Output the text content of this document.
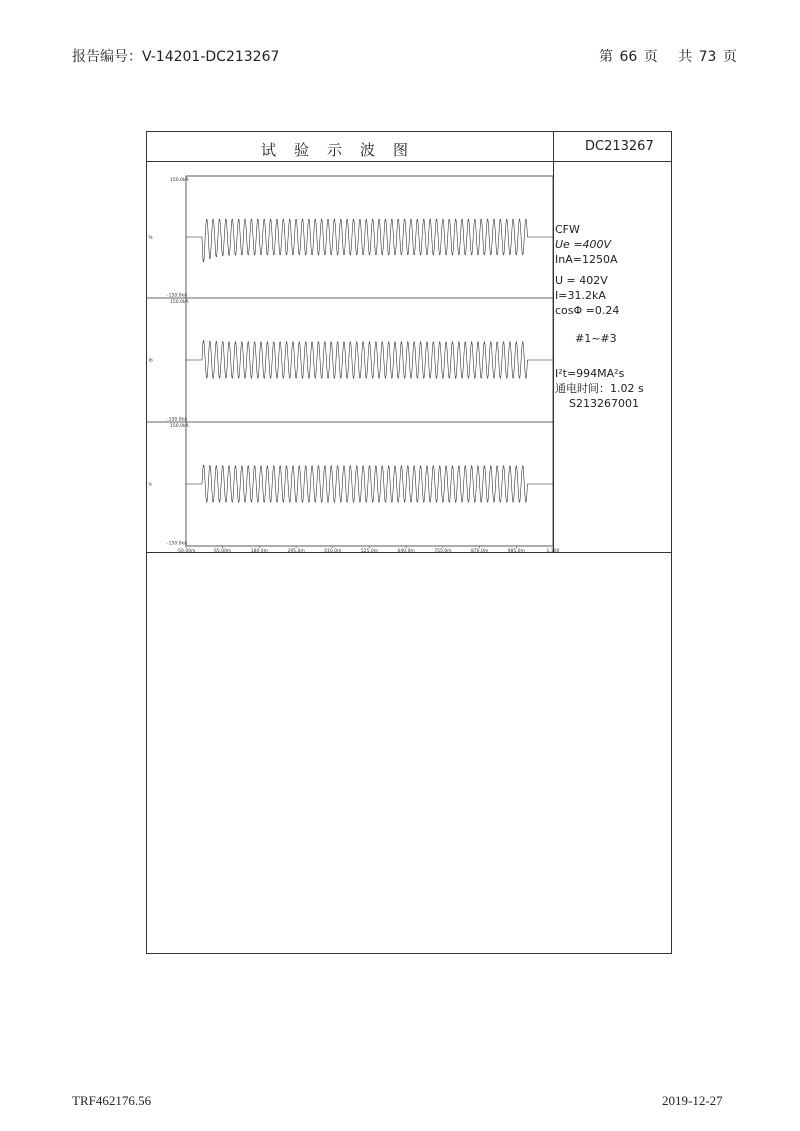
报告编号：V-14201-DC213267	第 66 页　 共 73 页
试验示波图	DC213267
150.0kA
-150.0kA
Ia
150.0kA
-150.0kA
Ib
150.0kA
-150.0kA
Ic
-50.00m	65.00m	180.0m	295.0m	410.0m	525.0m	640.0m	755.0m	870.0m	985.0m	1.100
CFW
Ue =400V
InA=1250A
U = 402V
I=31.2kA
cosΦ =0.24
#1~#3
I²t=994MA²s
通电时间：1.02 s
S213267001
TRF462176.56	2019-12-27
